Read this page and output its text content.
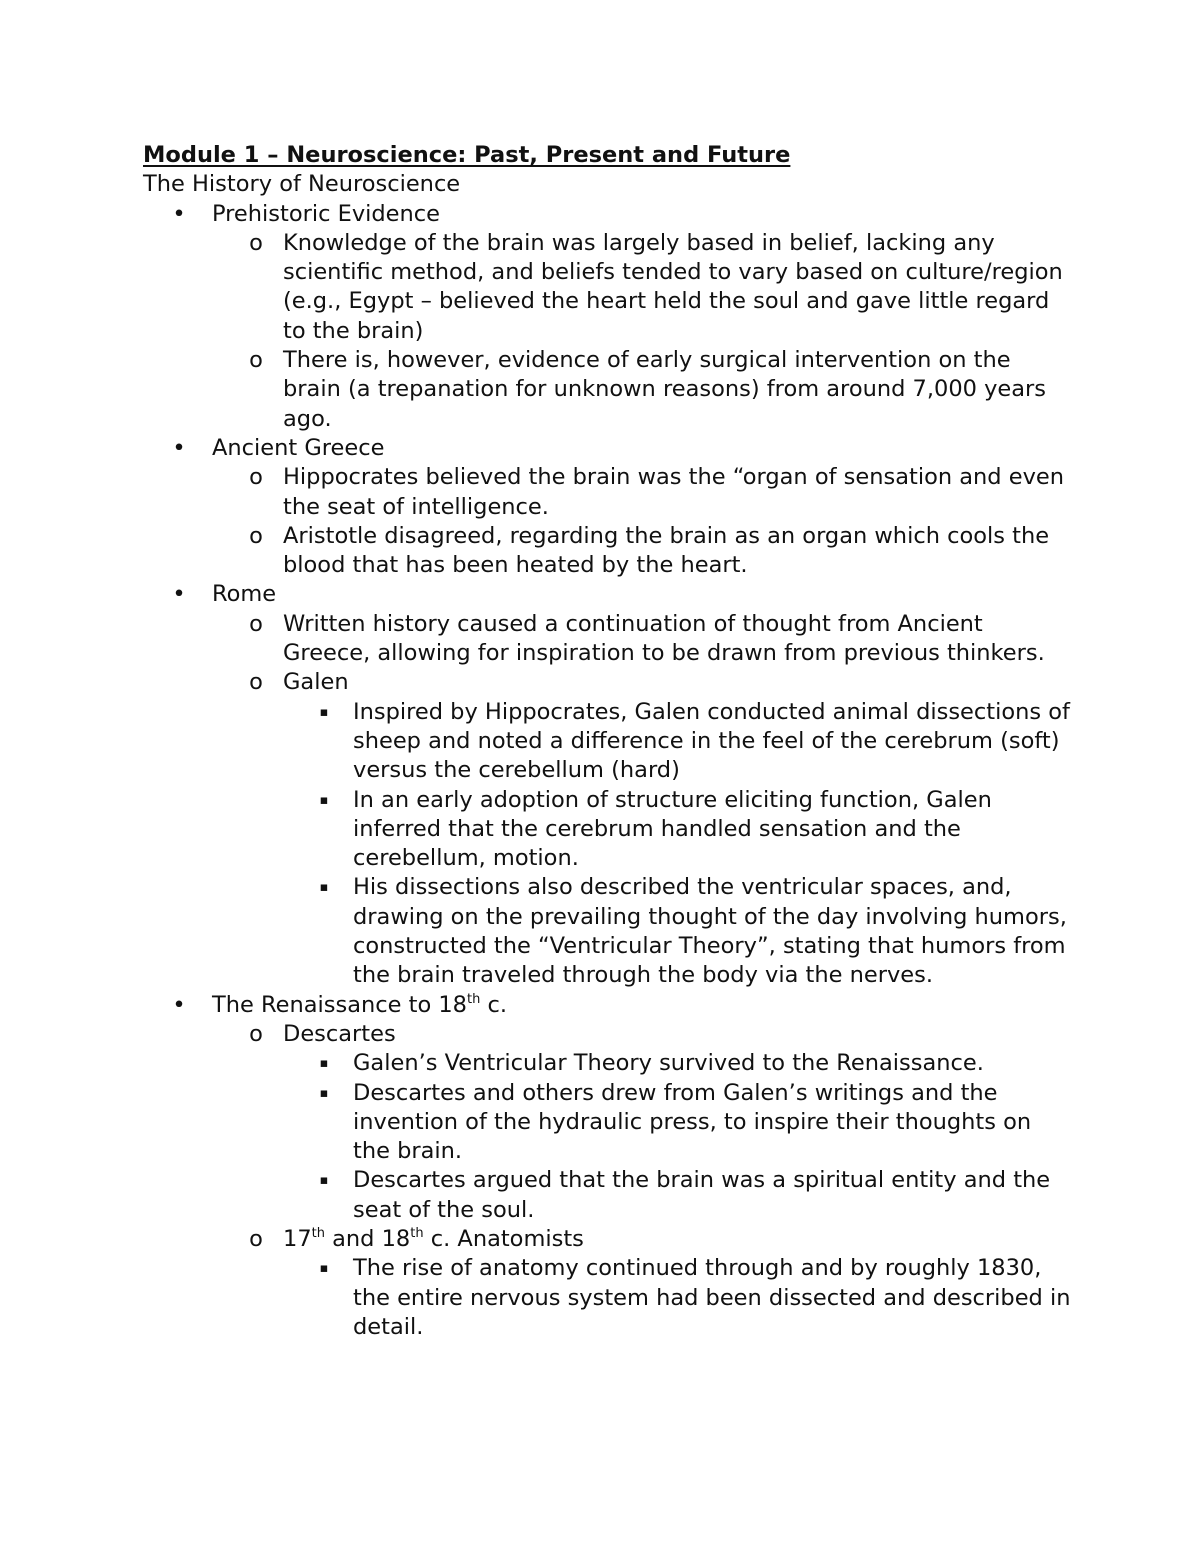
Module 1 – Neuroscience: Past, Present and Future
The History of Neuroscience
• Prehistoric Evidence
o Knowledge of the brain was largely based in belief, lacking any scientific method, and beliefs tended to vary based on culture/region (e.g., Egypt – believed the heart held the soul and gave little regard to the brain)
o There is, however, evidence of early surgical intervention on the brain (a trepanation for unknown reasons) from around 7,000 years ago.
• Ancient Greece
o Hippocrates believed the brain was the “organ of sensation and even the seat of intelligence.
o Aristotle disagreed, regarding the brain as an organ which cools the blood that has been heated by the heart.
• Rome
o Written history caused a continuation of thought from Ancient Greece, allowing for inspiration to be drawn from previous thinkers.
o Galen
▪ Inspired by Hippocrates, Galen conducted animal dissections of sheep and noted a difference in the feel of the cerebrum (soft) versus the cerebellum (hard)
▪ In an early adoption of structure eliciting function, Galen inferred that the cerebrum handled sensation and the cerebellum, motion.
▪ His dissections also described the ventricular spaces, and, drawing on the prevailing thought of the day involving humors, constructed the “Ventricular Theory”, stating that humors from the brain traveled through the body via the nerves.
• The Renaissance to 18th c.
o Descartes
▪ Galen’s Ventricular Theory survived to the Renaissance.
▪ Descartes and others drew from Galen’s writings and the invention of the hydraulic press, to inspire their thoughts on the brain.
▪ Descartes argued that the brain was a spiritual entity and the seat of the soul.
o 17th and 18th c. Anatomists
▪ The rise of anatomy continued through and by roughly 1830, the entire nervous system had been dissected and described in detail.
